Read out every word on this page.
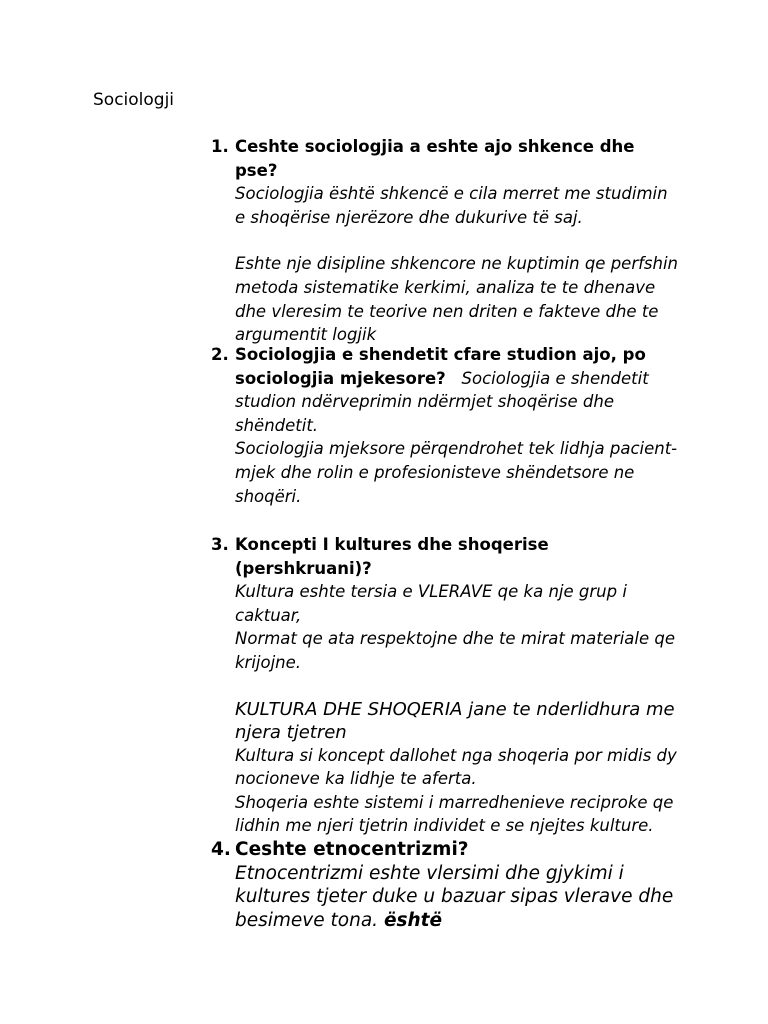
Sociologji
1. Ceshte sociologjia a eshte ajo shkence dhe pse?
Sociologjia është shkencë e cila merret me studimin e shoqërise njerëzore dhe dukurive të saj.
Eshte nje disipline shkencore ne kuptimin qe perfshin metoda sistematike kerkimi, analiza te te dhenave dhe vleresim te teorive nen driten e fakteve dhe te argumentit logjik
2. Sociologjia e shendetit cfare studion ajo, po sociologjia mjekesore? Sociologjia e shendetit studion ndërveprimin ndërmjet shoqërise dhe shëndetit.
Sociologjia mjeksore përqendrohet tek lidhja pacient-mjek dhe rolin e profesionisteve shëndetsore ne shoqëri.
3. Koncepti I kultures dhe shoqerise (pershkruani)?
Kultura eshte tersia e VLERAVE qe ka nje grup i caktuar,
Normat qe ata respektojne dhe te mirat materiale qe krijojne.
KULTURA DHE SHOQERIA jane te nderlidhura me njera tjetren
Kultura si koncept dallohet nga shoqeria por midis dy nocioneve ka lidhje te aferta.
Shoqeria eshte sistemi i marredhenieve reciproke qe lidhin me njeri tjetrin individet e se njejtes kulture.
4. Ceshte etnocentrizmi?
Etnocentrizmi eshte vlersimi dhe gjykimi i kultures tjeter duke u bazuar sipas vlerave dhe besimeve tona. është
